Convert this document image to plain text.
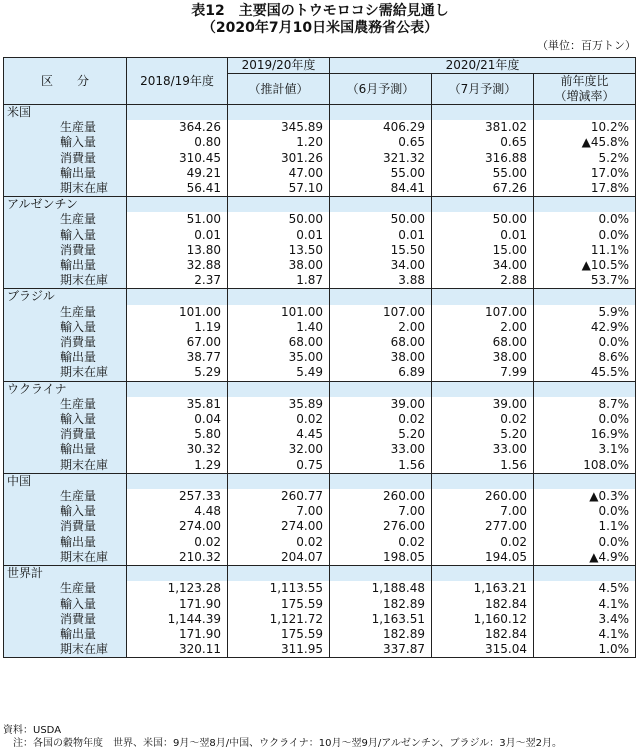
表12　主要国のトウモロコシ需給見通し
（2020年7月10日米国農務省公表）
（単位：百万トン）
区　　分	2018/19年度	2019/20年度	2020/21年度		
		（推計値）	（6月予測）	（7月予測）	前年度比
（増減率）

米国					
生産量	364.26	345.89	406.29	381.02	10.2%
輸入量	0.80	1.20	0.65	0.65	▲45.8%
消費量	310.45	301.26	321.32	316.88	5.2%
輸出量	49.21	47.00	55.00	55.00	17.0%
期末在庫	56.41	57.10	84.41	67.26	17.8%
アルゼンチン					
生産量	51.00	50.00	50.00	50.00	0.0%
輸入量	0.01	0.01	0.01	0.01	0.0%
消費量	13.80	13.50	15.50	15.00	11.1%
輸出量	32.88	38.00	34.00	34.00	▲10.5%
期末在庫	2.37	1.87	3.88	2.88	53.7%
ブラジル					
生産量	101.00	101.00	107.00	107.00	5.9%
輸入量	1.19	1.40	2.00	2.00	42.9%
消費量	67.00	68.00	68.00	68.00	0.0%
輸出量	38.77	35.00	38.00	38.00	8.6%
期末在庫	5.29	5.49	6.89	7.99	45.5%
ウクライナ					
生産量	35.81	35.89	39.00	39.00	8.7%
輸入量	0.04	0.02	0.02	0.02	0.0%
消費量	5.80	4.45	5.20	5.20	16.9%
輸出量	30.32	32.00	33.00	33.00	3.1%
期末在庫	1.29	0.75	1.56	1.56	108.0%
中国					
生産量	257.33	260.77	260.00	260.00	▲0.3%
輸入量	4.48	7.00	7.00	7.00	0.0%
消費量	274.00	274.00	276.00	277.00	1.1%
輸出量	0.02	0.02	0.02	0.02	0.0%
期末在庫	210.32	204.07	198.05	194.05	▲4.9%
世界計					
生産量	1,123.28	1,113.55	1,188.48	1,163.21	4.5%
輸入量	171.90	175.59	182.89	182.84	4.1%
消費量	1,144.39	1,121.72	1,163.51	1,160.12	3.4%
輸出量	171.90	175.59	182.89	182.84	4.1%
期末在庫	320.11	311.95	337.87	315.04	1.0%
資料：USDA
　注：各国の穀物年度　世界、米国：9月～翌8月/中国、ウクライナ：10月～翌9月/アルゼンチン、ブラジル：3月～翌2月。
